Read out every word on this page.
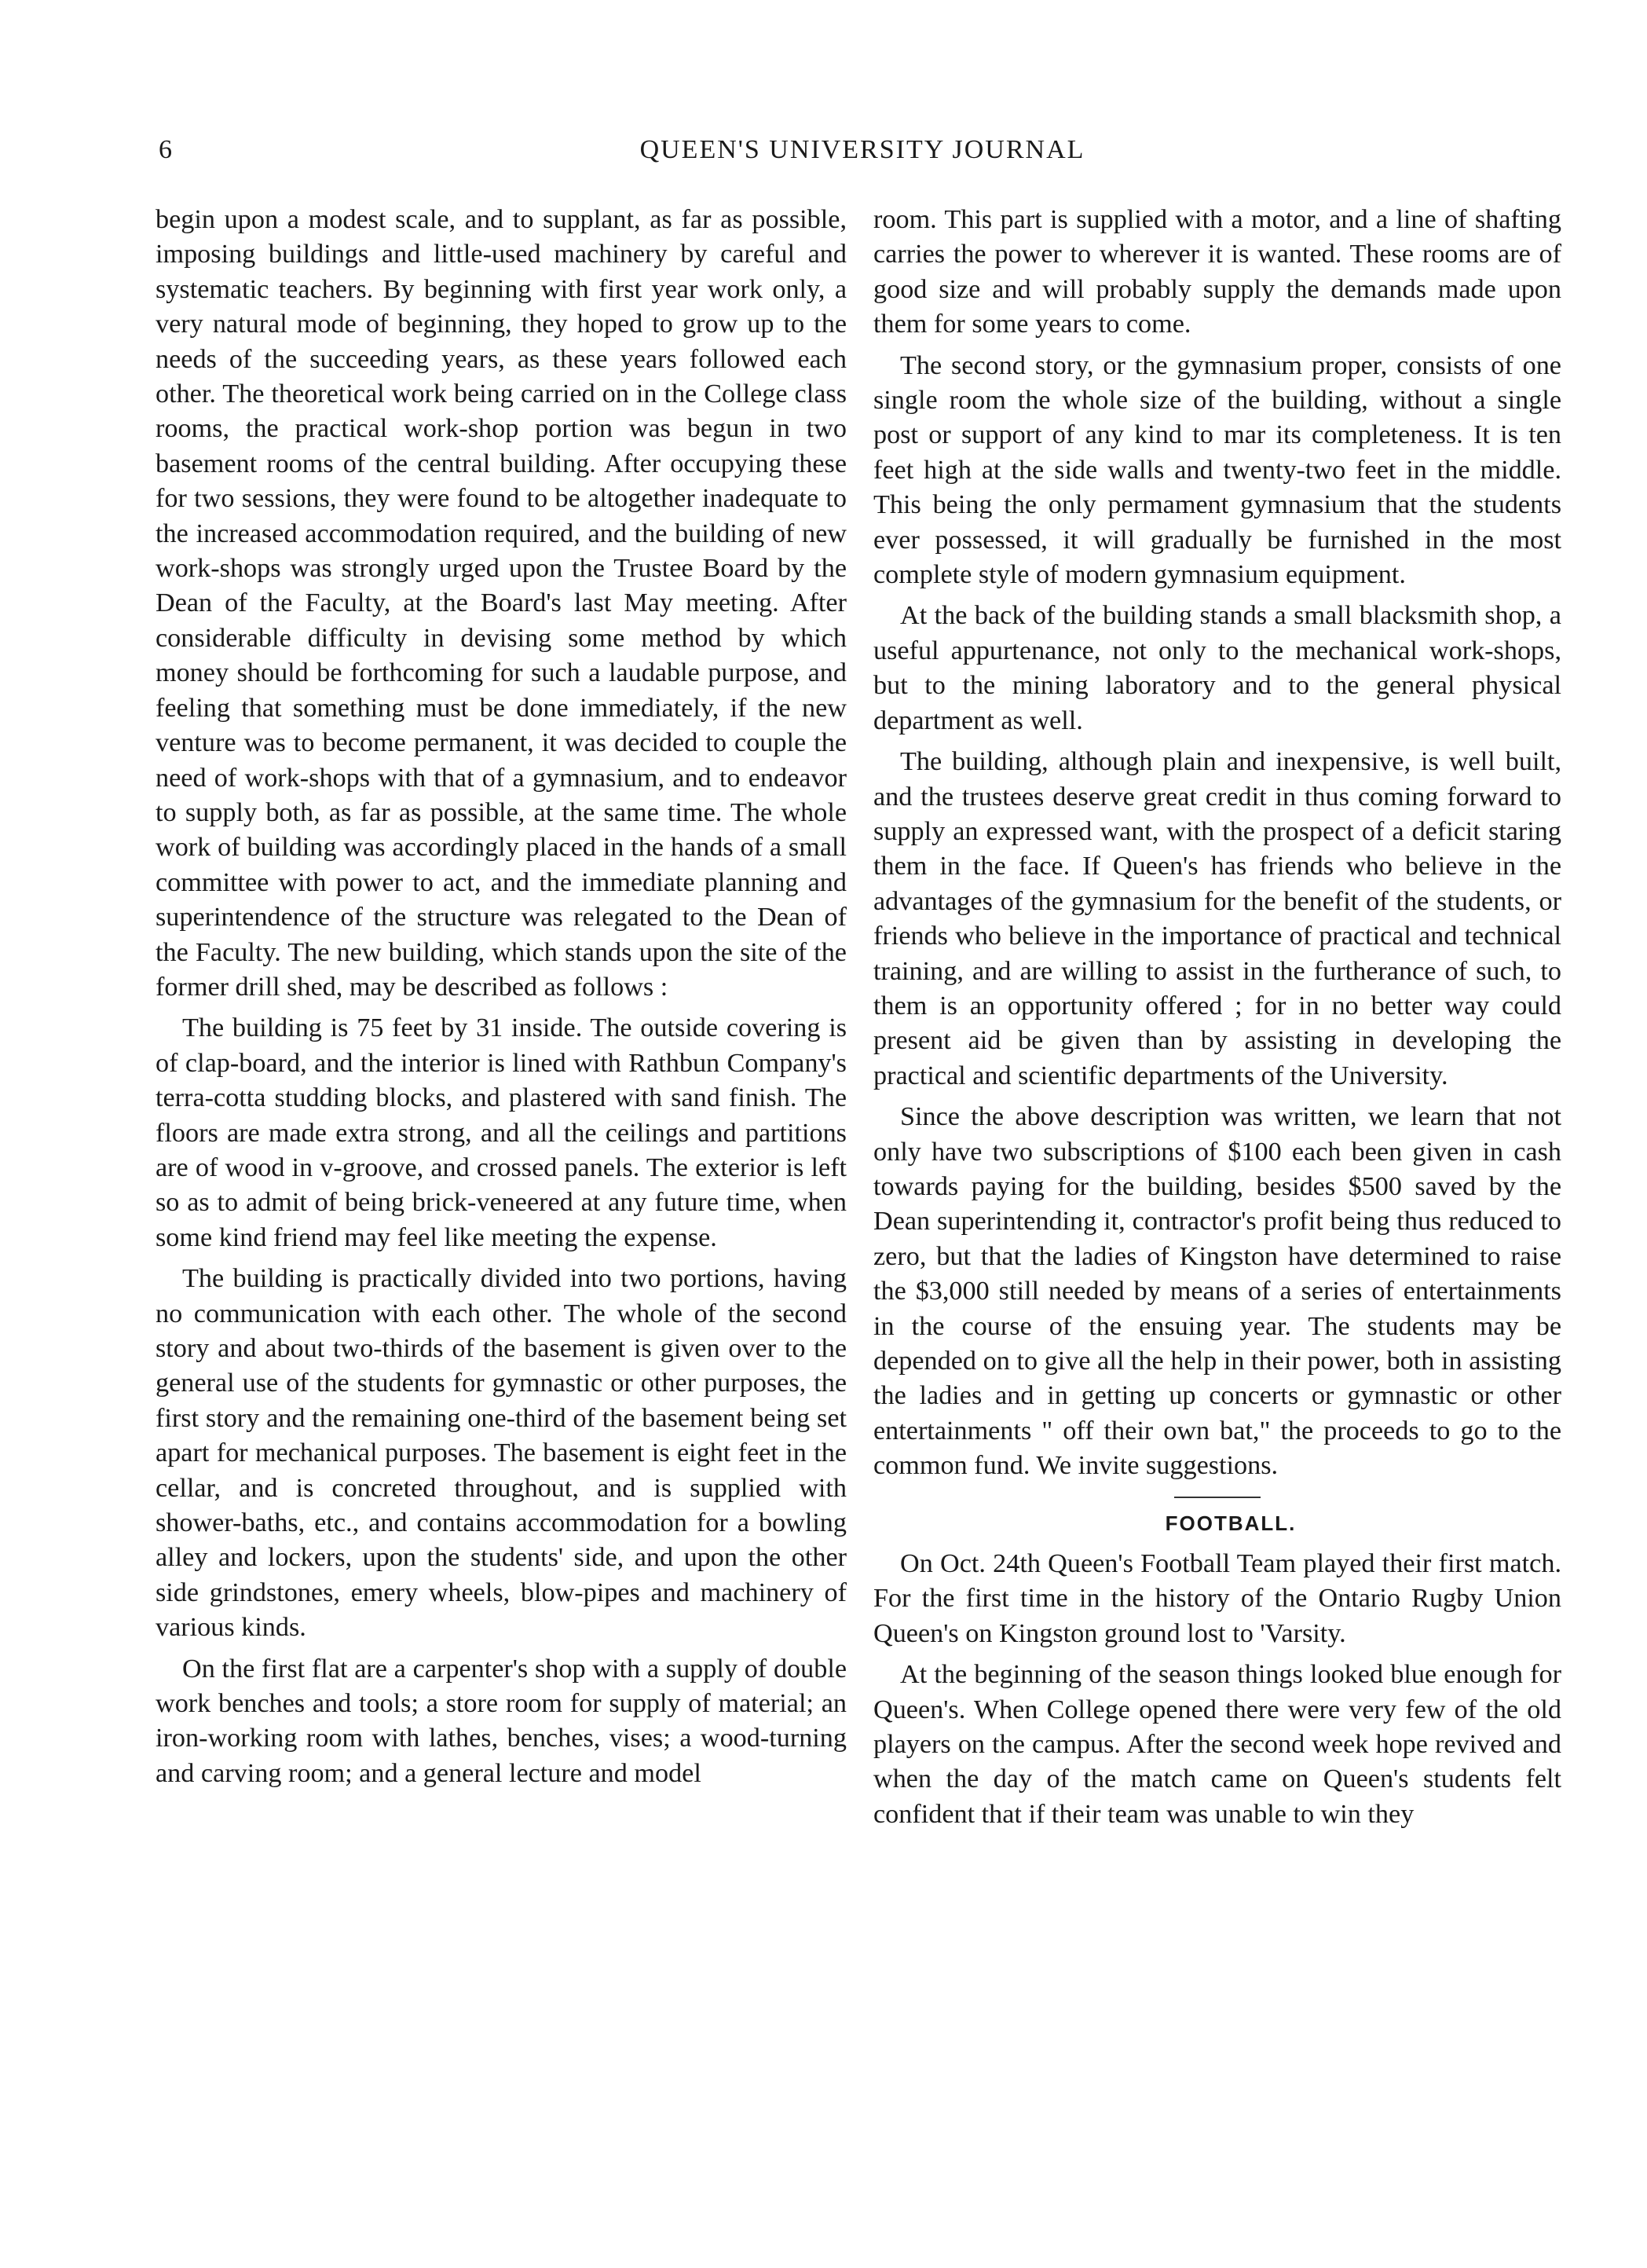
6	QUEEN'S UNIVERSITY JOURNAL

begin upon a modest scale, and to supplant, as far as possible, imposing buildings and little-used machinery by careful and systematic teachers. By beginning with first year work only, a very natural mode of beginning, they hoped to grow up to the needs of the succeeding years, as these years followed each other. The theoretical work being carried on in the College class rooms, the practical work-shop portion was begun in two basement rooms of the central building. After occupying these for two sessions, they were found to be altogether inadequate to the increased accommodation required, and the building of new work-shops was strongly urged upon the Trustee Board by the Dean of the Faculty, at the Board's last May meeting. After considerable difficulty in devising some method by which money should be forthcoming for such a laudable purpose, and feeling that something must be done immediately, if the new venture was to become permanent, it was decided to couple the need of work-shops with that of a gymnasium, and to endeavor to supply both, as far as possible, at the same time. The whole work of building was accordingly placed in the hands of a small committee with power to act, and the immediate planning and superintendence of the structure was relegated to the Dean of the Faculty. The new building, which stands upon the site of the former drill shed, may be described as follows :

The building is 75 feet by 31 inside. The outside covering is of clap-board, and the interior is lined with Rathbun Company's terra-cotta studding blocks, and plastered with sand finish. The floors are made extra strong, and all the ceilings and partitions are of wood in v-groove, and crossed panels. The exterior is left so as to admit of being brick-veneered at any future time, when some kind friend may feel like meeting the expense.

The building is practically divided into two portions, having no communication with each other. The whole of the second story and about two-thirds of the basement is given over to the general use of the students for gymnastic or other purposes, the first story and the remaining one-third of the basement being set apart for mechanical purposes. The basement is eight feet in the cellar, and is concreted throughout, and is supplied with shower-baths, etc., and contains accommodation for a bowling alley and lockers, upon the students' side, and upon the other side grindstones, emery wheels, blow-pipes and machinery of various kinds.

On the first flat are a carpenter's shop with a supply of double work benches and tools; a store room for supply of material; an iron-working room with lathes, benches, vises; a wood-turning and carving room; and a general lecture and model

room. This part is supplied with a motor, and a line of shafting carries the power to wherever it is wanted. These rooms are of good size and will probably supply the demands made upon them for some years to come.

The second story, or the gymnasium proper, consists of one single room the whole size of the building, without a single post or support of any kind to mar its completeness. It is ten feet high at the side walls and twenty-two feet in the middle. This being the only permament gymnasium that the students ever possessed, it will gradually be furnished in the most complete style of modern gymnasium equipment.

At the back of the building stands a small blacksmith shop, a useful appurtenance, not only to the mechanical work-shops, but to the mining laboratory and to the general physical department as well.

The building, although plain and inexpensive, is well built, and the trustees deserve great credit in thus coming forward to supply an expressed want, with the prospect of a deficit staring them in the face. If Queen's has friends who believe in the advantages of the gymnasium for the benefit of the students, or friends who believe in the importance of practical and technical training, and are willing to assist in the furtherance of such, to them is an opportunity offered ; for in no better way could present aid be given than by assisting in developing the practical and scientific departments of the University.

Since the above description was written, we learn that not only have two subscriptions of $100 each been given in cash towards paying for the building, besides $500 saved by the Dean superintending it, contractor's profit being thus reduced to zero, but that the ladies of Kingston have determined to raise the $3,000 still needed by means of a series of entertainments in the course of the ensuing year. The students may be depended on to give all the help in their power, both in assisting the ladies and in getting up concerts or gymnastic or other entertainments " off their own bat," the proceeds to go to the common fund. We invite suggestions.

FOOTBALL.

On Oct. 24th Queen's Football Team played their first match. For the first time in the history of the Ontario Rugby Union Queen's on Kingston ground lost to 'Varsity.

At the beginning of the season things looked blue enough for Queen's. When College opened there were very few of the old players on the campus. After the second week hope revived and when the day of the match came on Queen's students felt confident that if their team was unable to win they
